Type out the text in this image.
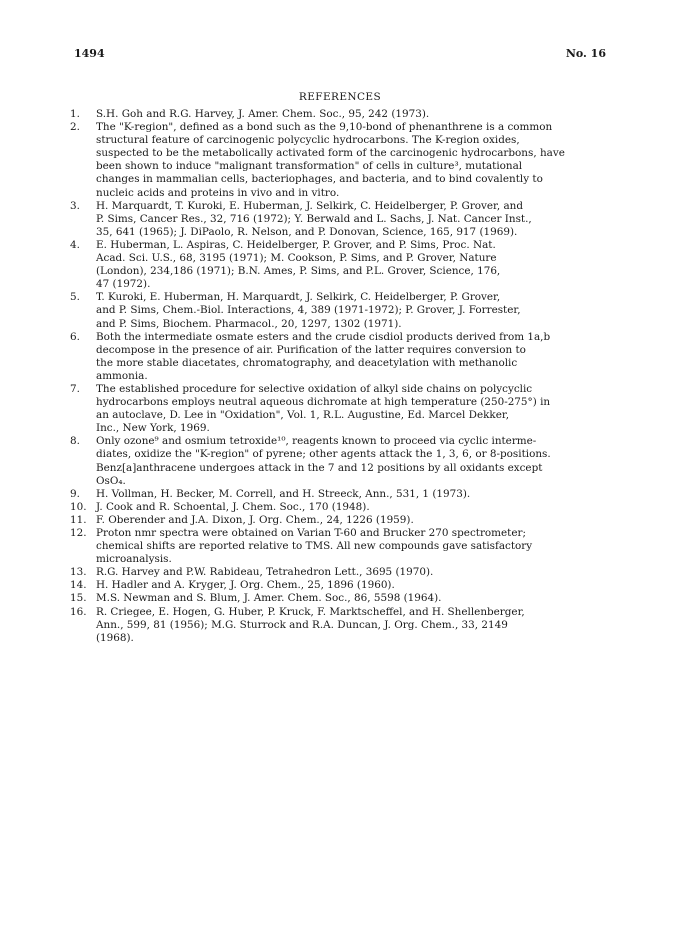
1494	No. 16
REFERENCES
1.	S.H. Goh and R.G. Harvey, J. Amer. Chem. Soc., 95, 242 (1973).
2.	The "K-region", defined as a bond such as the 9,10-bond of phenanthrene is a common
structural feature of carcinogenic polycyclic hydrocarbons. The K-region oxides,
suspected to be the metabolically activated form of the carcinogenic hydrocarbons, have
been shown to induce "malignant transformation" of cells in culture³, mutational
changes in mammalian cells, bacteriophages, and bacteria, and to bind covalently to
nucleic acids and proteins in vivo and in vitro.
3.	H. Marquardt, T. Kuroki, E. Huberman, J. Selkirk, C. Heidelberger, P. Grover, and
P. Sims, Cancer Res., 32, 716 (1972); Y. Berwald and L. Sachs, J. Nat. Cancer Inst.,
35, 641 (1965); J. DiPaolo, R. Nelson, and P. Donovan, Science, 165, 917 (1969).
4.	E. Huberman, L. Aspiras, C. Heidelberger, P. Grover, and P. Sims, Proc. Nat.
Acad. Sci. U.S., 68, 3195 (1971); M. Cookson, P. Sims, and P. Grover, Nature
(London), 234,186 (1971); B.N. Ames, P. Sims, and P.L. Grover, Science, 176,
47 (1972).
5.	T. Kuroki, E. Huberman, H. Marquardt, J. Selkirk, C. Heidelberger, P. Grover,
and P. Sims, Chem.-Biol. Interactions, 4, 389 (1971-1972); P. Grover, J. Forrester,
and P. Sims, Biochem. Pharmacol., 20, 1297, 1302 (1971).
6.	Both the intermediate osmate esters and the crude cisdiol products derived from 1a,b
decompose in the presence of air. Purification of the latter requires conversion to
the more stable diacetates, chromatography, and deacetylation with methanolic
ammonia.
7.	The established procedure for selective oxidation of alkyl side chains on polycyclic
hydrocarbons employs neutral aqueous dichromate at high temperature (250-275°) in
an autoclave, D. Lee in "Oxidation", Vol. 1, R.L. Augustine, Ed. Marcel Dekker,
Inc., New York, 1969.
8.	Only ozone⁹ and osmium tetroxide¹⁰, reagents known to proceed via cyclic interme-
diates, oxidize the "K-region" of pyrene; other agents attack the 1, 3, 6, or 8-positions.
Benz[a]anthracene undergoes attack in the 7 and 12 positions by all oxidants except
OsO₄.
9.	H. Vollman, H. Becker, M. Correll, and H. Streeck, Ann., 531, 1 (1973).
10. J. Cook and R. Schoental, J. Chem. Soc., 170 (1948).
11. F. Oberender and J.A. Dixon, J. Org. Chem., 24, 1226 (1959).
12. Proton nmr spectra were obtained on Varian T-60 and Brucker 270 spectrometer;
chemical shifts are reported relative to TMS. All new compounds gave satisfactory
microanalysis.
13. R.G. Harvey and P.W. Rabideau, Tetrahedron Lett., 3695 (1970).
14. H. Hadler and A. Kryger, J. Org. Chem., 25, 1896 (1960).
15. M.S. Newman and S. Blum, J. Amer. Chem. Soc., 86, 5598 (1964).
16. R. Criegee, E. Hogen, G. Huber, P. Kruck, F. Marktscheffel, and H. Shellenberger,
Ann., 599, 81 (1956); M.G. Sturrock and R.A. Duncan, J. Org. Chem., 33, 2149
(1968).
